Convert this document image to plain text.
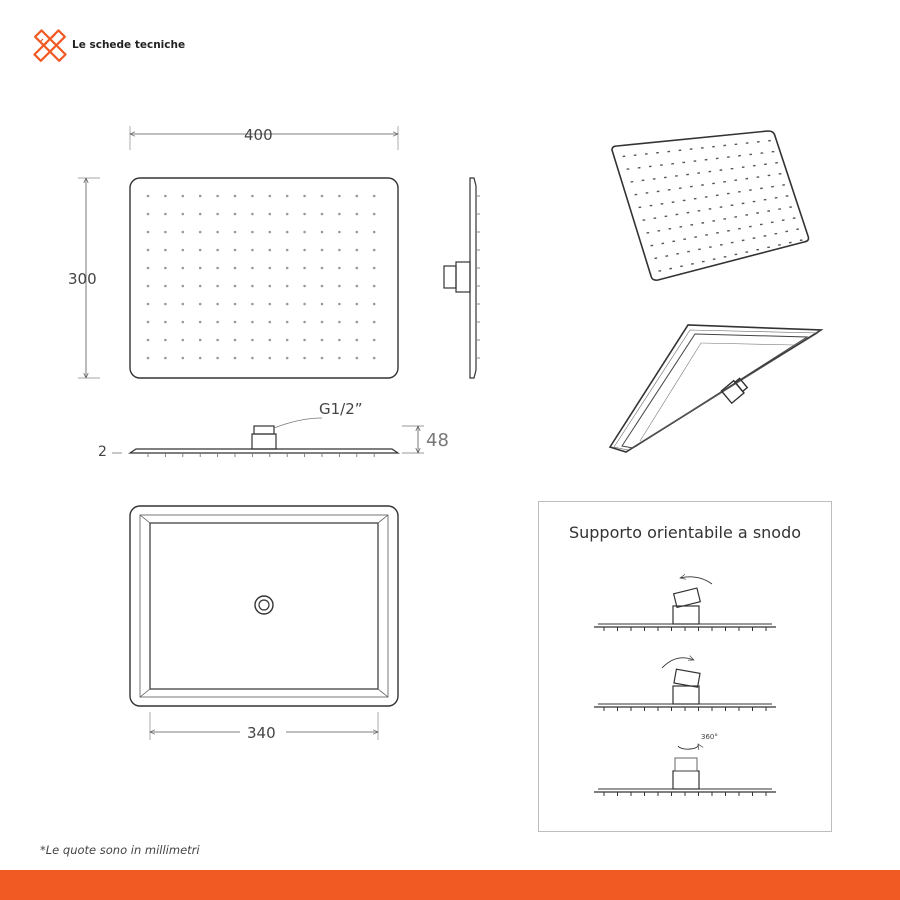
Le schede tecniche
400
300
2
G1/2”
48
340
Supporto orientabile a snodo
360°
*Le quote sono in millimetri
